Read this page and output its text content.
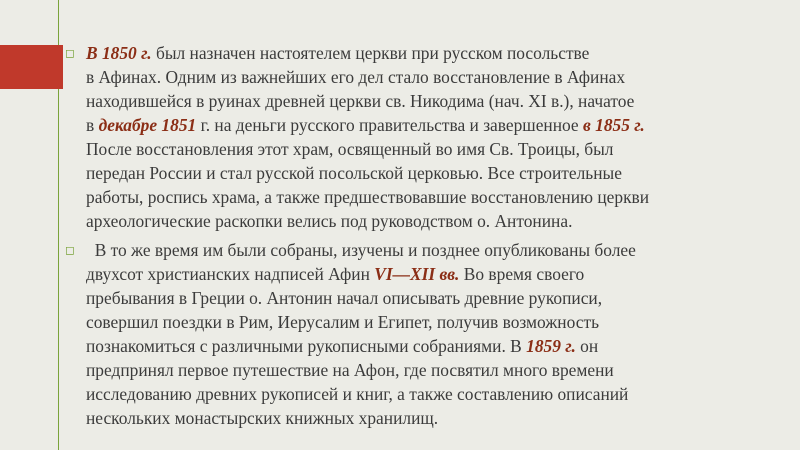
◻ В 1850 г. был назначен настоятелем церкви при русском посольстве
в Афинах. Одним из важнейших его дел стало восстановление в Афинах
находившейся в руинах древней церкви св. Никодима (нач. XI в.), начатое
в декабре 1851 г. на деньги русского правительства и завершенное в 1855 г.
После восстановления этот храм, освященный во имя Св. Троицы, был
передан России и стал русской посольской церковью. Все строительные
работы, роспись храма, а также предшествовавшие восстановлению церкви
археологические раскопки велись под руководством о. Антонина.
◻ В то же время им были собраны, изучены и позднее опубликованы более
двухсот христианских надписей Афин VI—XII вв. Во время своего
пребывания в Греции о. Антонин начал описывать древние рукописи,
совершил поездки в Рим, Иерусалим и Египет, получив возможность
познакомиться с различными рукописными собраниями. В 1859 г. он
предпринял первое путешествие на Афон, где посвятил много времени
исследованию древних рукописей и книг, а также составлению описаний
нескольких монастырских книжных хранилищ.
